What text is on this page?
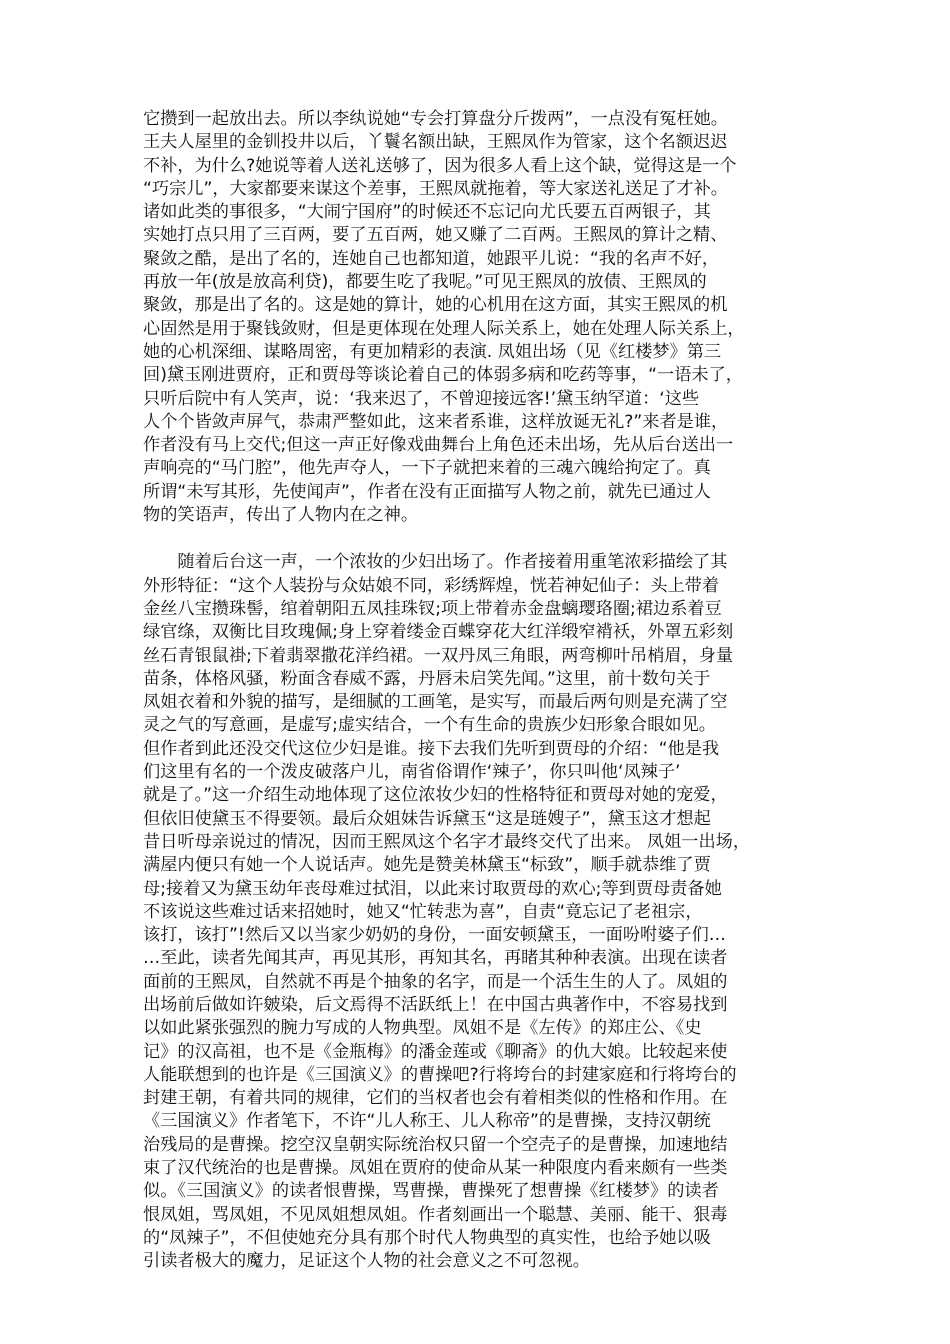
它攒到一起放出去。所以李纨说她“专会打算盘分斤拨两”，一点没有冤枉她。
王夫人屋里的金钏投井以后，丫鬟名额出缺，王熙凤作为管家，这个名额迟迟
不补，为什么?她说等着人送礼送够了，因为很多人看上这个缺，觉得这是一个
“巧宗儿”，大家都要来谋这个差事，王熙凤就拖着，等大家送礼送足了才补。
诸如此类的事很多，“大闹宁国府”的时候还不忘记向尤氏要五百两银子，其
实她打点只用了三百两，要了五百两，她又赚了二百两。王熙凤的算计之精、
聚敛之酷，是出了名的，连她自己也都知道，她跟平儿说：“我的名声不好，
再放一年(放是放高利贷)，都要生吃了我呢。”可见王熙凤的放债、王熙凤的
聚敛，那是出了名的。这是她的算计，她的心机用在这方面，其实王熙凤的机
心固然是用于聚钱敛财，但是更体现在处理人际关系上，她在处理人际关系上，
她的心机深细、谋略周密，有更加精彩的表演. 凤姐出场（见《红楼梦》第三
回)黛玉刚进贾府，正和贾母等谈论着自己的体弱多病和吃药等事，“一语未了，
只听后院中有人笑声，说：‘我来迟了，不曾迎接远客!’黛玉纳罕道：‘这些
人个个皆敛声屏气，恭肃严整如此，这来者系谁，这样放诞无礼?”来者是谁，
作者没有马上交代;但这一声正好像戏曲舞台上角色还未出场，先从后台送出一
声响亮的“马门腔”，他先声夺人，一下子就把来着的三魂六魄给拘定了。真
所谓“未写其形，先使闻声”，作者在没有正面描写人物之前，就先已通过人
物的笑语声，传出了人物内在之神。
　　随着后台这一声，一个浓妆的少妇出场了。作者接着用重笔浓彩描绘了其
外形特征：“这个人装扮与众姑娘不同，彩绣辉煌，恍若神妃仙子：头上带着
金丝八宝攒珠髻，绾着朝阳五凤挂珠钗;项上带着赤金盘螭璎珞圈;裙边系着豆
绿官绦，双衡比目玫瑰佩;身上穿着缕金百蝶穿花大红洋缎窄褙袄，外罩五彩刻
丝石青银鼠褂;下着翡翠撒花洋绉裙。一双丹凤三角眼，两弯柳叶吊梢眉，身量
苗条，体格风骚，粉面含春威不露，丹唇未启笑先闻。”这里，前十数句关于
凤姐衣着和外貌的描写，是细腻的工画笔，是实写，而最后两句则是充满了空
灵之气的写意画，是虚写;虚实结合，一个有生命的贵族少妇形象合眼如见。
但作者到此还没交代这位少妇是谁。接下去我们先听到贾母的介绍：“他是我
们这里有名的一个泼皮破落户儿，南省俗谓作‘辣子’，你只叫他‘凤辣子’
就是了。”这一介绍生动地体现了这位浓妆少妇的性格特征和贾母对她的宠爱，
但依旧使黛玉不得要领。最后众姐妹告诉黛玉“这是琏嫂子”，黛玉这才想起
昔日听母亲说过的情况，因而王熙凤这个名字才最终交代了出来。 凤姐一出场，
满屋内便只有她一个人说话声。她先是赞美林黛玉“标致”，顺手就恭维了贾
母;接着又为黛玉幼年丧母难过拭泪，以此来讨取贾母的欢心;等到贾母责备她
不该说这些难过话来招她时，她又“忙转悲为喜”，自责“竟忘记了老祖宗，
该打，该打”!然后又以当家少奶奶的身份，一面安顿黛玉，一面吩咐婆子们…
…至此，读者先闻其声，再见其形，再知其名，再睹其种种表演。出现在读者
面前的王熙凤，自然就不再是个抽象的名字，而是一个活生生的人了。凤姐的
出场前后做如许皴染，后文焉得不活跃纸上！在中国古典著作中，不容易找到
以如此紧张强烈的腕力写成的人物典型。凤姐不是《左传》的郑庄公、《史
记》的汉高祖，也不是《金瓶梅》的潘金莲或《聊斋》的仇大娘。比较起来使
人能联想到的也许是《三国演义》的曹操吧?行将垮台的封建家庭和行将垮台的
封建王朝，有着共同的规律，它们的当权者也会有着相类似的性格和作用。在
《三国演义》作者笔下，不许“儿人称王、儿人称帝”的是曹操，支持汉朝统
治残局的是曹操。挖空汉皇朝实际统治权只留一个空壳子的是曹操，加速地结
束了汉代统治的也是曹操。凤姐在贾府的使命从某一种限度内看来颇有一些类
似。《三国演义》的读者恨曹操，骂曹操，曹操死了想曹操《红楼梦》的读者
恨凤姐，骂凤姐，不见凤姐想凤姐。作者刻画出一个聪慧、美丽、能干、狠毒
的“凤辣子”，不但使她充分具有那个时代人物典型的真实性，也给予她以吸
引读者极大的魔力，足证这个人物的社会意义之不可忽视。
